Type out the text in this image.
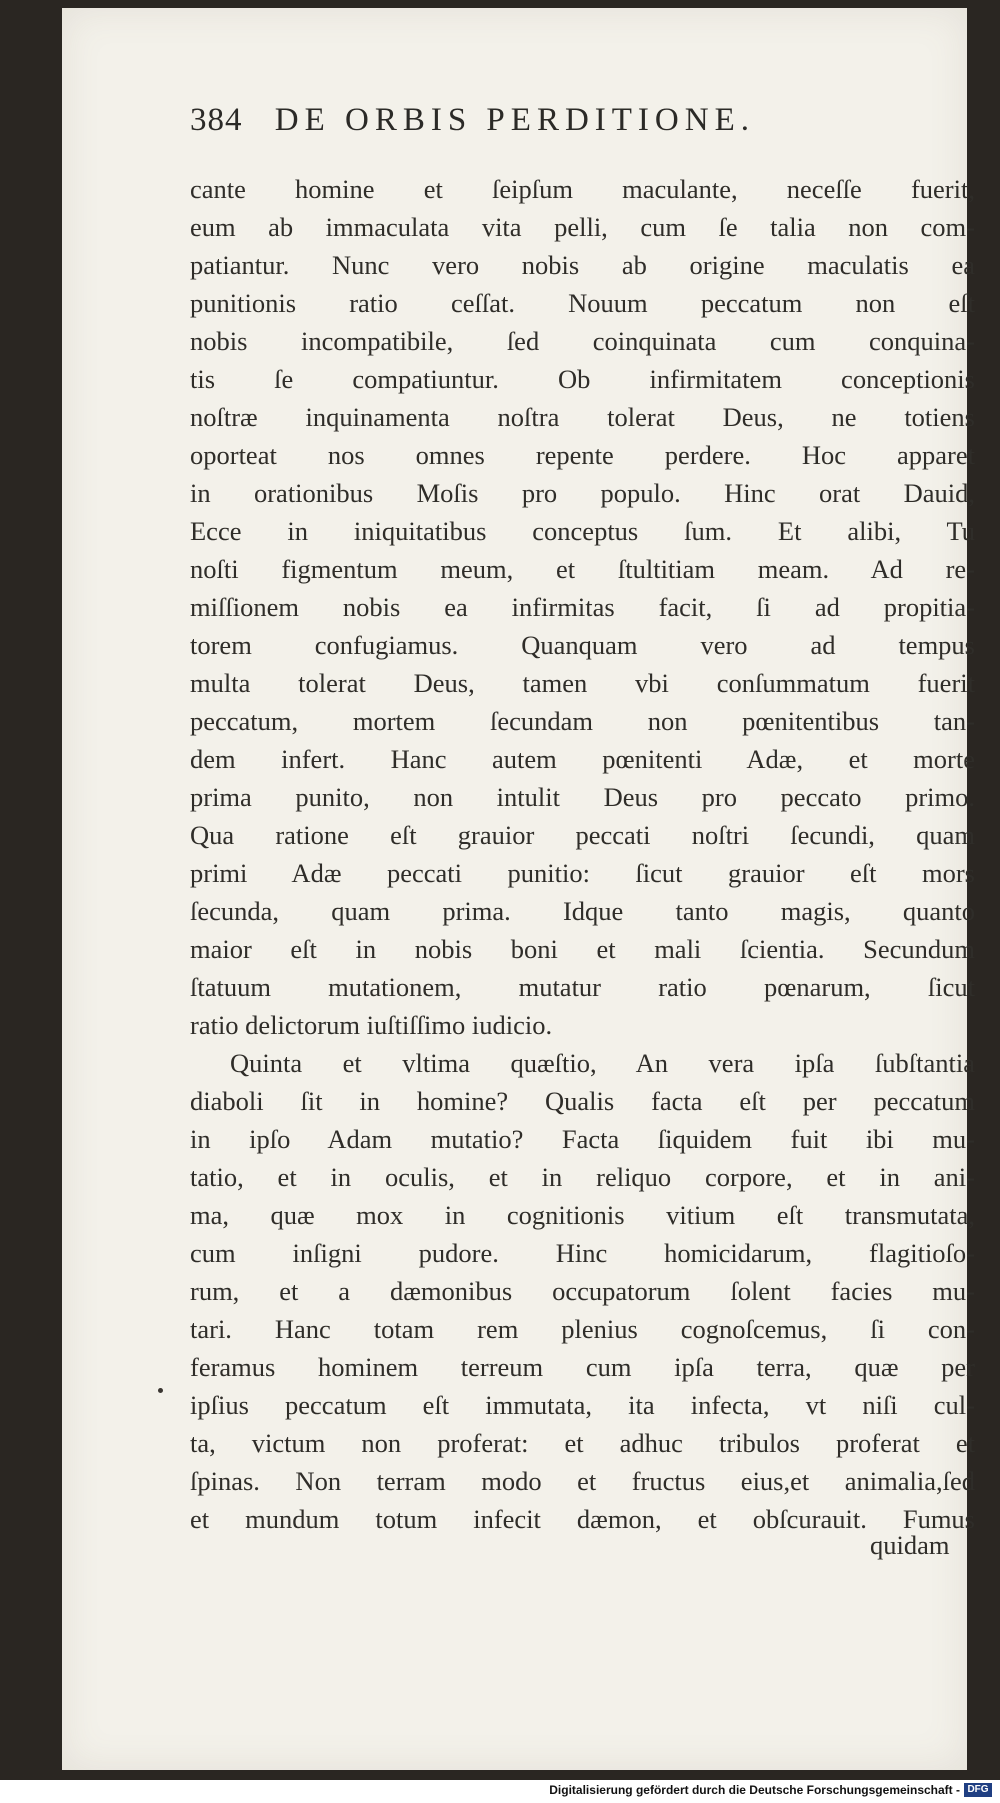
384 DE ORBIS PERDITIONE.
cante homine et ſeipſum maculante, neceſſe fuerit,
eum ab immaculata vita pelli, cum ſe talia non com-
patiantur. Nunc vero nobis ab origine maculatis ea
punitionis ratio ceſſat. Nouum peccatum non eſt
nobis incompatibile, ſed coinquinata cum conquina-
tis ſe compatiuntur. Ob infirmitatem conceptionis
noſtræ inquinamenta noſtra tolerat Deus, ne totiens
oporteat nos omnes repente perdere. Hoc apparet
in orationibus Moſis pro populo. Hinc orat Dauid,
Ecce in iniquitatibus conceptus ſum. Et alibi, Tu
noſti figmentum meum, et ſtultitiam meam. Ad re-
miſſionem nobis ea infirmitas facit, ſi ad propitia-
torem confugiamus. Quanquam vero ad tempus
multa tolerat Deus, tamen vbi conſummatum fuerit
peccatum, mortem ſecundam non pœnitentibus tan-
dem infert. Hanc autem pœnitenti Adæ, et morte
prima punito, non intulit Deus pro peccato primo.
Qua ratione eſt grauior peccati noſtri ſecundi, quam
primi Adæ peccati punitio: ſicut grauior eſt mors
ſecunda, quam prima. Idque tanto magis, quanto
maior eſt in nobis boni et mali ſcientia. Secundum
ſtatuum mutationem, mutatur ratio pœnarum, ſicut
ratio delictorum iuſtiſſimo iudicio.
Quinta et vltima quæſtio, An vera ipſa ſubſtantia
diaboli ſit in homine? Qualis facta eſt per peccatum
in ipſo Adam mutatio? Facta ſiquidem fuit ibi mu-
tatio, et in oculis, et in reliquo corpore, et in ani-
ma, quæ mox in cognitionis vitium eſt transmutata,
cum inſigni pudore. Hinc homicidarum, flagitioſo-
rum, et a dæmonibus occupatorum ſolent facies mu-
tari. Hanc totam rem plenius cognoſcemus, ſi con-
feramus hominem terreum cum ipſa terra, quæ per
ipſius peccatum eſt immutata, ita infecta, vt niſi cul-
ta, victum non proferat: et adhuc tribulos proferat et
ſpinas. Non terram modo et fructus eius,et animalia,ſed
et mundum totum infecit dæmon, et obſcurauit. Fumus
quidam
Digitalisierung gefördert durch die Deutsche Forschungsgemeinschaft - DFG
